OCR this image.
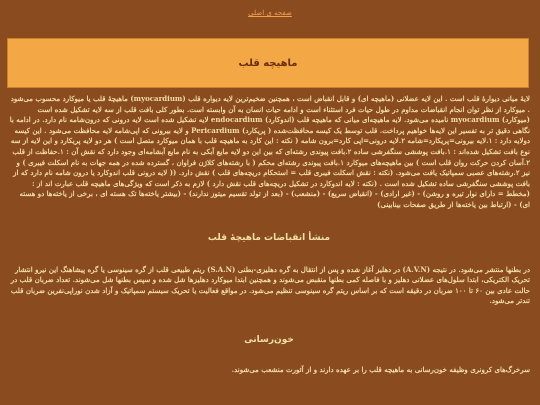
صفحه ی اصلی
ماهیچه قلب

لایهٔ میانی دیوارهٔ قلب است . این لایه عضلانی (ماهیچه ای) و قابل انقباض است ، همچنین ضخیم‌ترین لایه دیواره قلب (myocardium) ماهیچهٔ قلب یا میوکارد محسوب می‌شود . میوکارد از نظر توان انجام انقباضات مداوم در طول حیات فرد استثناء است و ادامه حیات انسان به آن وابسته است. بطور کلی بافت قلب از سه لایه تشکیل شده است (میوکارد) myocardium نامیده می‌شود. لایه ماهیچه‌ای میانی که ماهیچه قلب (اندوکارد) endocardium لایه تشکیل شده است لایه درونی که درون‌شامه نام دارد. در ادامه با نگاهی دقیق تر به تفسیر این لایه‌ها خواهیم پرداخت. قلب توسط یک کیسه محافظت‌شده ( پریکارد) Pericardium و لایه بیرونی که اپی‌شامه لایه محافظت می‌شود . این کیسه دولایه دارد : ۱.لایه بیرونی=پریکارد=شامه ۲.لایه درونی=اپی کارد=برون شامه ( نکته : این کارد به ماهیچه قلب با همان میوکارد متصل است ) هر دو لایه پریکارد و این لایه از سه نوع بافت تشکیل شده‌اند : ۱.بافت پوششی سنگفرشی ساده ۲.بافت پیوندی رشته‌ای که بین این دو لایه مایع آبکی به نام مایع آبشامه‌ای وجود دارد که نقش آن : ۱.حفاظت از قلب ۲.آسان کردن حرکت روان قلب است ) بین ماهیچه‌های میوکارد ۱.بافت پیوندی رشته‌ای محکم ( با رشته‌های کلاژن فراوان ، گسترده شده در همه جهات به نام اسکلت فیبری ) و نیز ۲.رشته‌های عصبی سمپاتیک یافت می‌شود. (نکته : نقش اسکلت فیبری قلب = استحکام دریچه‌های قلب ) نقش دارد. (( لایه درونی قلب اندوکارد یا درون شامه نام دارد که از بافت پوششی سنگفرشی ساده تشکیل شده است . (نکته : لایه اندوکارد در تشکیل دریچه‌های قلب نقش دارد ) لازم به ذکر است که ویژگی‌های ماهیچه قلب عبارت اند از : (مخطط = دارای نوار تیره و روشن) - (غیر ارادی) - (انقباض سریع) - (منشعب) - (بعد از تولد تقسیم میتوز ندارند) - (بیشتر یاخته‌ها تک هسته ای ، برخی از یاخته‌ها دو هسته ای) - (ارتباط بین یاخته‌ها از طریق صفحات بینابینی)

منشأ انقباضات ماهیچهٔ قلب

در بطنها منتشر می‌شود. در نتیجه (A.V.N) در دهلیز آغاز شده و پس از انتقال به گره دهلیزی-بطنی (S.A.N) ریتم طبیعی قلب از گره سینوسی یا گره پیشاهنگ این نیرو انتشار تحریک الکتریکی، ابتدا سلول‌های عضلانی دهلیز و با فاصله کمی بطنها منقبض می‌شوند و همچنین ابتدا میوکارد دهلیزها شل شده و سپس بطنها شل می‌شوند. تعداد ضربان قلب در حالت عادی بین ۶۰ تا ۱۰۰ ضربان در دقیقه است که بر اساس ریتم گره سینوسی تنظیم می‌شود. در مواقع فعالیت یا تحریک سیستم سمپاتیک و آزاد شدن نوراپی‌نفرین ضربان قلب تندتر می‌شود.

خون‌رسانی

سرخرگ‌های کرونری وظیفه خون‌رسانی به ماهیچه قلب را بر عهده دارند و از آئورت منشعب می‌شوند.
